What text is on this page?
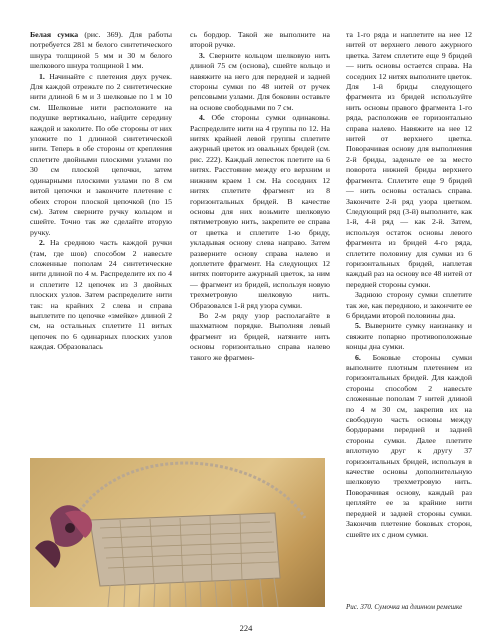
Белая сумка (рис. 369). Для работы потребуется 281 м белого синтетического шнура толщиной 5 мм и 30 м белого шелкового шнура толщиной 1 мм.

1. Начинайте с плетения двух ручек. Для каждой отрежьте по 2 синтетические нити длиной 6 м и 3 шелковые по 1 м 10 см. Шелковые нити расположите на подушке вертикально, найдите середину каждой и заколите. По обе стороны от них уложите по 1 длинной синтетической нити. Теперь в обе стороны от крепления сплетите двойными плоскими узлами по 30 см плоской цепочки, затем одинарными плоскими узлами по 8 см витой цепочки и закончите плетение с обеих сторон плоской цепочкой (по 15 см). Затем сверните ручку кольцом и сшейте. Точно так же сделайте вторую ручку.

2. На среднюю часть каждой ручки (там, где шов) способом 2 навесьте сложенные пополам 24 синтетические нити длиной по 4 м. Распределите их по 4 и сплетите 12 цепочек из 3 двойных плоских узлов. Затем распределите нити так: на крайних 2 слева и справа выплетите по цепочке «змейке» длиной 2 см, на остальных сплетите 11 витых цепочек по 6 одинарных плоских узлов каждая. Образовалась

сь бордюр. Такой же выполните на второй ручке.

3. Сверните кольцом шелковую нить длиной 75 см (основа), сшейте кольцо и навяжите на него для передней и задней стороны сумки по 48 нитей от ручек репсовыми узлами. Для боковин оставьте на основе свободными по 7 см.

4. Обе стороны сумки одинаковы. Распределите нити на 4 группы по 12. На нитях крайней левой группы сплетите ажурный цветок из овальных бридей (см. рис. 222). Каждый лепесток плетите на 6 нитях. Расстояние между его верхним и нижним краем 1 см. На соседних 12 нитях сплетите фрагмент из 8 горизонтальных бридей. В качестве основы для них возьмите шелковую пятиметровую нить, закрепите ее справа от цветка и сплетите 1-ю бриду, укладывая основу слева направо. Затем разверните основу справа налево и доплетите фрагмент. На следующих 12 нитях повторите ажурный цветок, за ним — фрагмент из бридей, используя новую трехметровую шелковую нить. Образовался 1-й ряд узора сумки.

Во 2-м ряду узор располагайте в шахматном порядке. Выполняя левый фрагмент из бридей, натяните нить основы горизонтально справа налево такого же фрагмен-

та 1-го ряда и наплетите на нее 12 нитей от верхнего левого ажурного цветка. Затем сплетите еще 9 бридей — нить основы остается справа. На соседних 12 нитях выполните цветок. Для 1-й бриды следующего фрагмента из бридей используйте нить основы правого фрагмента 1-го ряда, расположив ее горизонтально справа налево. Навяжите на нее 12 нитей от верхнего цветка. Поворачивая основу для выполнения 2-й бриды, заденьте ее за место поворота нижней бриды верхнего фрагмента. Сплетите еще 9 бридей — нить основы осталась справа. Закончите 2-й ряд узора цветком. Следующий ряд (3-й) выполните, как 1-й, 4-й ряд — как 2-й. Затем, используя остаток основы левого фрагмента из бридей 4-го ряда, сплетите половину для сумки из 6 горизонтальных бридей, наплетая каждый раз на основу все 48 нитей от передней стороны сумки.

Заднюю сторону сумки сплетите так же, как переднюю, и закончите ее 6 бридами второй половины дна.

5. Выверните сумку наизнанку и свяжите попарно противоположные концы дна сумки.

6. Боковые стороны сумки выполните плотным плетением из горизонтальных бридей. Для каждой стороны способом 2 навесьте сложенные пополам 7 нитей длиной по 4 м 30 см, закрепив их на свободную часть основы между бордюрами передней и задней стороны сумки. Далее плетите вплотную друг к другу 37 горизонтальных бридей, используя в качестве основы дополнительную шелковую трехметровую нить. Поворачивая основу, каждый раз цепляйте ее за крайние нити передней и задней стороны сумки. Закончив плетение боковых сторон, сшейте их с дном сумки.

Рис. 370. Сумочка на длинном ремешке
224
